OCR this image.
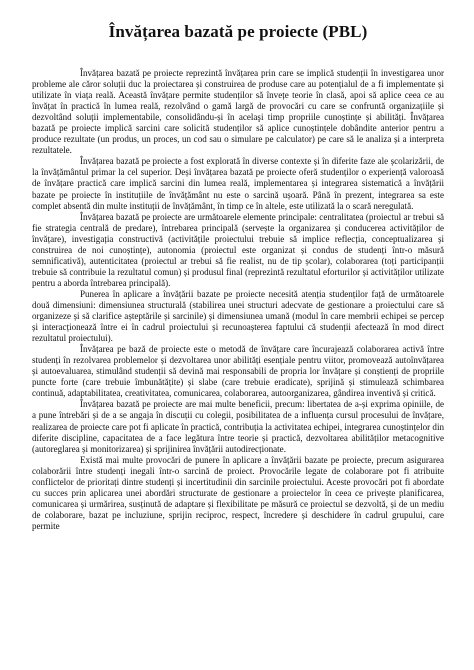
Învățarea bazată pe proiecte (PBL)

Învățarea bazată pe proiecte reprezintă învățarea prin care se implică studenții în investigarea unor probleme ale căror soluții duc la proiectarea și construirea de produse care au potențialul de a fi implementate și utilizate în viața reală. Această învățare permite studenților să învețe teorie în clasă, apoi să aplice ceea ce au învățat în practică în lumea reală, rezolvând o gamă largă de provocări cu care se confruntă organizațiile și dezvoltând soluții implementabile, consolidându-și în acelaşi timp propriile cunoștințe și abilități. Învățarea bazată pe proiecte implică sarcini care solicită studenților să aplice cunoștințele dobândite anterior pentru a produce rezultate (un produs, un proces, un cod sau o simulare pe calculator) pe care să le analiza și a interpreta rezultatele.

Învățarea bazată pe proiecte a fost explorată în diverse contexte și în diferite faze ale școlarizării, de la învățământul primar la cel superior. Deși învățarea bazată pe proiecte oferă studenților o experiență valoroasă de învățare practică care implică sarcini din lumea reală, implementarea și integrarea sistematică a învățării bazate pe proiecte în instituțiile de învățământ nu este o sarcină ușoară. Până în prezent, integrarea sa este complet absentă din multe instituții de învățământ, în timp ce în altele, este utilizată la o scară neregulată.

Învățarea bazată pe proiecte are următoarele elemente principale: centralitatea (proiectul ar trebui să fie strategia centrală de predare), întrebarea principală (servește la organizarea și conducerea activităților de învățare), investigația constructivă (activitățile proiectului trebuie să implice reflecția, conceptualizarea și construirea de noi cunoștințe), autonomia (proiectul este organizat și condus de studenți într-o măsură semnificativă), autenticitatea (proiectul ar trebui să fie realist, nu de tip școlar), colaborarea (toți participanții trebuie să contribuie la rezultatul comun) și produsul final (reprezintă rezultatul eforturilor și activităților utilizate pentru a aborda întrebarea principală).

Punerea în aplicare a învățării bazate pe proiecte necesită atenția studenților față de următoarele două dimensiuni: dimensiunea structurală (stabilirea unei structuri adecvate de gestionare a proiectului care să organizeze și să clarifice așteptările și sarcinile) și dimensiunea umană (modul în care membrii echipei se percep și interacționează între ei în cadrul proiectului și recunoașterea faptului că studenții afectează în mod direct rezultatul proiectului).

Învățarea pe bază de proiecte este o metodă de învățare care încurajează colaborarea activă între studenți în rezolvarea problemelor și dezvoltarea unor abilități esențiale pentru viitor, promovează autoînvățarea și autoevaluarea, stimulând studenții să devină mai responsabili de propria lor învățare și conștienți de propriile puncte forte (care trebuie îmbunătățite) și slabe (care trebuie eradicate), sprijină și stimulează schimbarea continuă, adaptabilitatea, creativitatea, comunicarea, colaborarea, autoorganizarea, gândirea inventivă și critică.

Învățarea bazată pe proiecte are mai multe beneficii, precum: libertatea de a-și exprima opiniile, de a pune întrebări și de a se angaja în discuții cu colegii, posibilitatea de a influența cursul procesului de învățare, realizarea de proiecte care pot fi aplicate în practică, contribuția la activitatea echipei, integrarea cunoștințelor din diferite discipline, capacitatea de a face legătura între teorie și practică, dezvoltarea abilităților metacognitive (autoreglarea și monitorizarea) și sprijinirea învățării autodirecționate.

Există mai multe provocări de punere în aplicare a învățării bazate pe proiecte, precum asigurarea colaborării între studenți inegali într-o sarcină de proiect. Provocările legate de colaborare pot fi atribuite conflictelor de prioritați dintre studenți și incertitudinii din sarcinile proiectului. Aceste provocări pot fi abordate cu succes prin aplicarea unei abordări structurate de gestionare a proiectelor în ceea ce privește planificarea, comunicarea și urmărirea, susținută de adaptare și flexibilitate pe măsură ce proiectul se dezvoltă, și de un mediu de colaborare, bazat pe incluziune, sprijin reciproc, respect, încredere și deschidere în cadrul grupului, care permite
